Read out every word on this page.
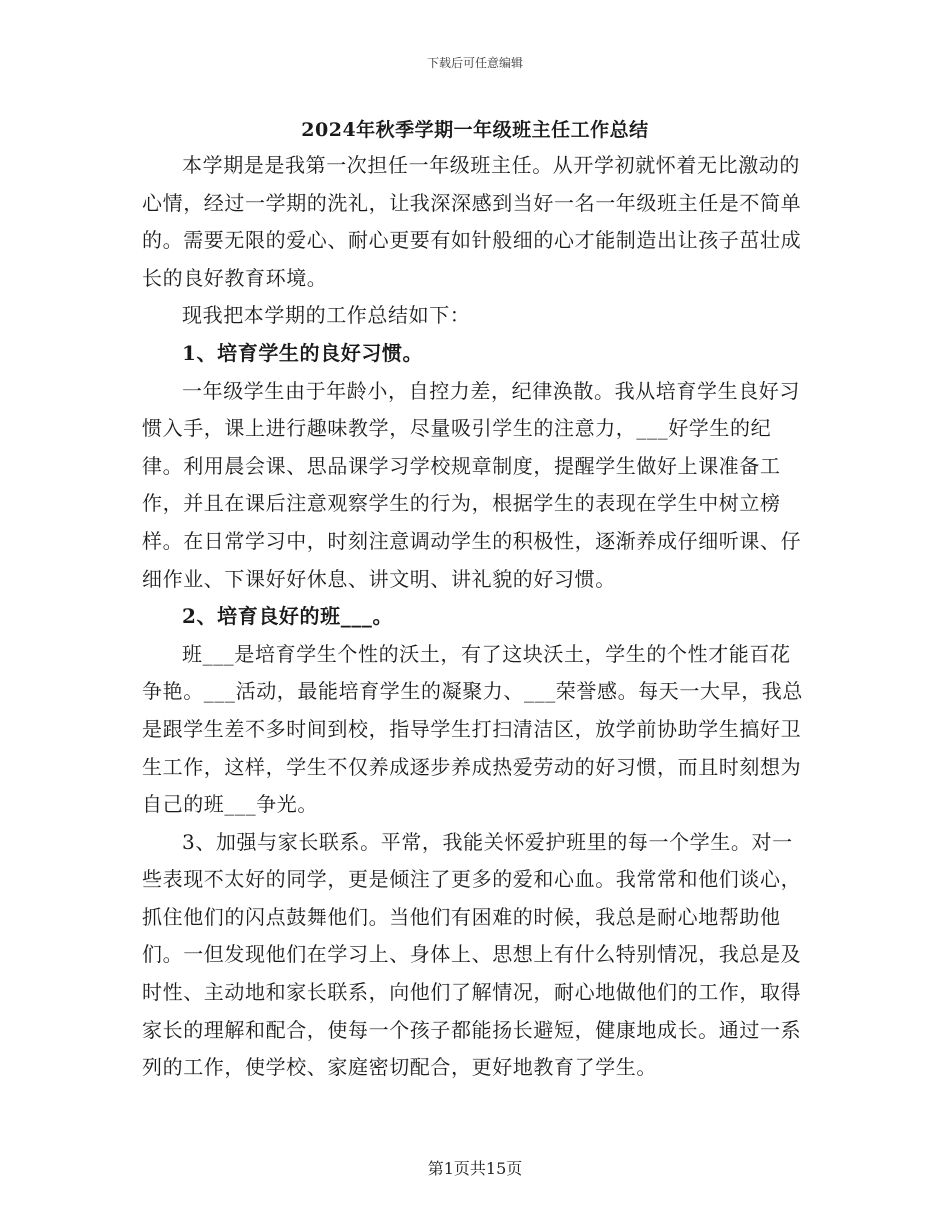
下载后可任意编辑
2024年秋季学期一年级班主任工作总结

本学期是是我第一次担任一年级班主任。从开学初就怀着无比激动的心情，经过一学期的洗礼，让我深深感到当好一名一年级班主任是不简单的。需要无限的爱心、耐心更要有如针般细的心才能制造出让孩子茁壮成长的良好教育环境。

现我把本学期的工作总结如下：

1、培育学生的良好习惯。

一年级学生由于年龄小，自控力差，纪律涣散。我从培育学生良好习惯入手，课上进行趣味教学，尽量吸引学生的注意力，___好学生的纪律。利用晨会课、思品课学习学校规章制度，提醒学生做好上课准备工作，并且在课后注意观察学生的行为，根据学生的表现在学生中树立榜样。在日常学习中，时刻注意调动学生的积极性，逐渐养成仔细听课、仔细作业、下课好好休息、讲文明、讲礼貌的好习惯。

2、培育良好的班___。

班___是培育学生个性的沃土，有了这块沃土，学生的个性才能百花争艳。___活动，最能培育学生的凝聚力、___荣誉感。每天一大早，我总是跟学生差不多时间到校，指导学生打扫清洁区，放学前协助学生搞好卫生工作，这样，学生不仅养成逐步养成热爱劳动的好习惯，而且时刻想为自己的班___争光。

3、加强与家长联系。平常，我能关怀爱护班里的每一个学生。对一些表现不太好的同学，更是倾注了更多的爱和心血。我常常和他们谈心，抓住他们的闪点鼓舞他们。当他们有困难的时候，我总是耐心地帮助他们。一但发现他们在学习上、身体上、思想上有什么特别情况，我总是及时性、主动地和家长联系，向他们了解情况，耐心地做他们的工作，取得家长的理解和配合，使每一个孩子都能扬长避短，健康地成长。通过一系列的工作，使学校、家庭密切配合，更好地教育了学生。

第1页共15页
